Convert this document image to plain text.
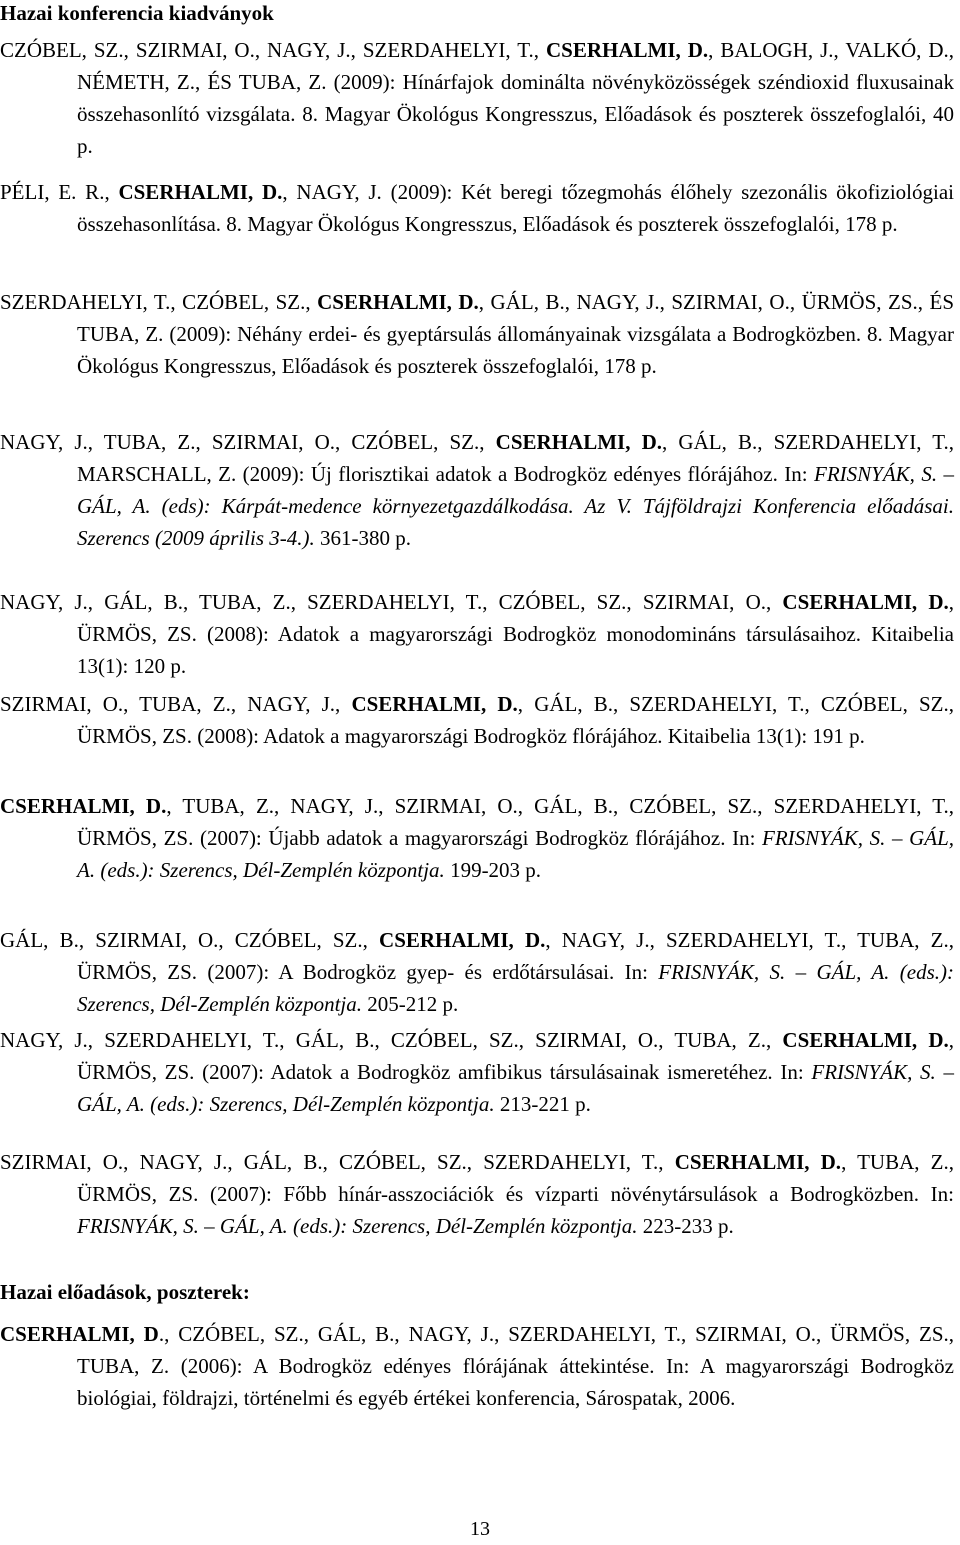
Hazai konferencia kiadványok
CZÓBEL, SZ., SZIRMAI, O., NAGY, J., SZERDAHELYI, T., CSERHALMI, D., BALOGH, J., VALKÓ, D., NÉMETH, Z., ÉS TUBA, Z. (2009): Hínárfajok dominálta növényközösségek széndioxid fluxusainak összehasonlító vizsgálata. 8. Magyar Ökológus Kongresszus, Előadások és poszterek összefoglalói, 40 p.
PÉLI, E. R., CSERHALMI, D., NAGY, J. (2009): Két beregi tőzegmohás élőhely szezonális ökofiziológiai összehasonlítása. 8. Magyar Ökológus Kongresszus, Előadások és poszterek összefoglalói, 178 p.
SZERDAHELYI, T., CZÓBEL, SZ., CSERHALMI, D., GÁL, B., NAGY, J., SZIRMAI, O., ÜRMÖS, ZS., ÉS TUBA, Z. (2009): Néhány erdei- és gyeptársulás állományainak vizsgálata a Bodrogközben. 8. Magyar Ökológus Kongresszus, Előadások és poszterek összefoglalói, 178 p.
NAGY, J., TUBA, Z., SZIRMAI, O., CZÓBEL, SZ., CSERHALMI, D., GÁL, B., SZERDAHELYI, T., MARSCHALL, Z. (2009): Új florisztikai adatok a Bodrogköz edényes flórájához. In: FRISNYÁK, S. – GÁL, A. (eds): Kárpát-medence környezetgazdálkodása. Az V. Tájföldrajzi Konferencia előadásai. Szerencs (2009 április 3-4.). 361-380 p.
NAGY, J., GÁL, B., TUBA, Z., SZERDAHELYI, T., CZÓBEL, SZ., SZIRMAI, O., CSERHALMI, D., ÜRMÖS, ZS. (2008): Adatok a magyarországi Bodrogköz monodomináns társulásaihoz. Kitaibelia 13(1): 120 p.
SZIRMAI, O., TUBA, Z., NAGY, J., CSERHALMI, D., GÁL, B., SZERDAHELYI, T., CZÓBEL, SZ., ÜRMÖS, ZS. (2008): Adatok a magyarországi Bodrogköz flórájához. Kitaibelia 13(1): 191 p.
CSERHALMI, D., TUBA, Z., NAGY, J., SZIRMAI, O., GÁL, B., CZÓBEL, SZ., SZERDAHELYI, T., ÜRMÖS, ZS. (2007): Újabb adatok a magyarországi Bodrogköz flórájához. In: FRISNYÁK, S. – GÁL, A. (eds.): Szerencs, Dél-Zemplén központja. 199-203 p.
GÁL, B., SZIRMAI, O., CZÓBEL, SZ., CSERHALMI, D., NAGY, J., SZERDAHELYI, T., TUBA, Z., ÜRMÖS, ZS. (2007): A Bodrogköz gyep- és erdőtársulásai. In: FRISNYÁK, S. – GÁL, A. (eds.): Szerencs, Dél-Zemplén központja. 205-212 p.
NAGY, J., SZERDAHELYI, T., GÁL, B., CZÓBEL, SZ., SZIRMAI, O., TUBA, Z., CSERHALMI, D., ÜRMÖS, ZS. (2007): Adatok a Bodrogköz amfibikus társulásainak ismeretéhez. In: FRISNYÁK, S. – GÁL, A. (eds.): Szerencs, Dél-Zemplén központja. 213-221 p.
SZIRMAI, O., NAGY, J., GÁL, B., CZÓBEL, SZ., SZERDAHELYI, T., CSERHALMI, D., TUBA, Z., ÜRMÖS, ZS. (2007): Főbb hínár-asszociációk és vízparti növénytársulások a Bodrogközben. In: FRISNYÁK, S. – GÁL, A. (eds.): Szerencs, Dél-Zemplén központja. 223-233 p.
Hazai előadások, poszterek:
CSERHALMI, D., CZÓBEL, SZ., GÁL, B., NAGY, J., SZERDAHELYI, T., SZIRMAI, O., ÜRMÖS, ZS., TUBA, Z. (2006): A Bodrogköz edényes flórájának áttekintése. In: A magyarországi Bodrogköz biológiai, földrajzi, történelmi és egyéb értékei konferencia, Sárospatak, 2006.
13
